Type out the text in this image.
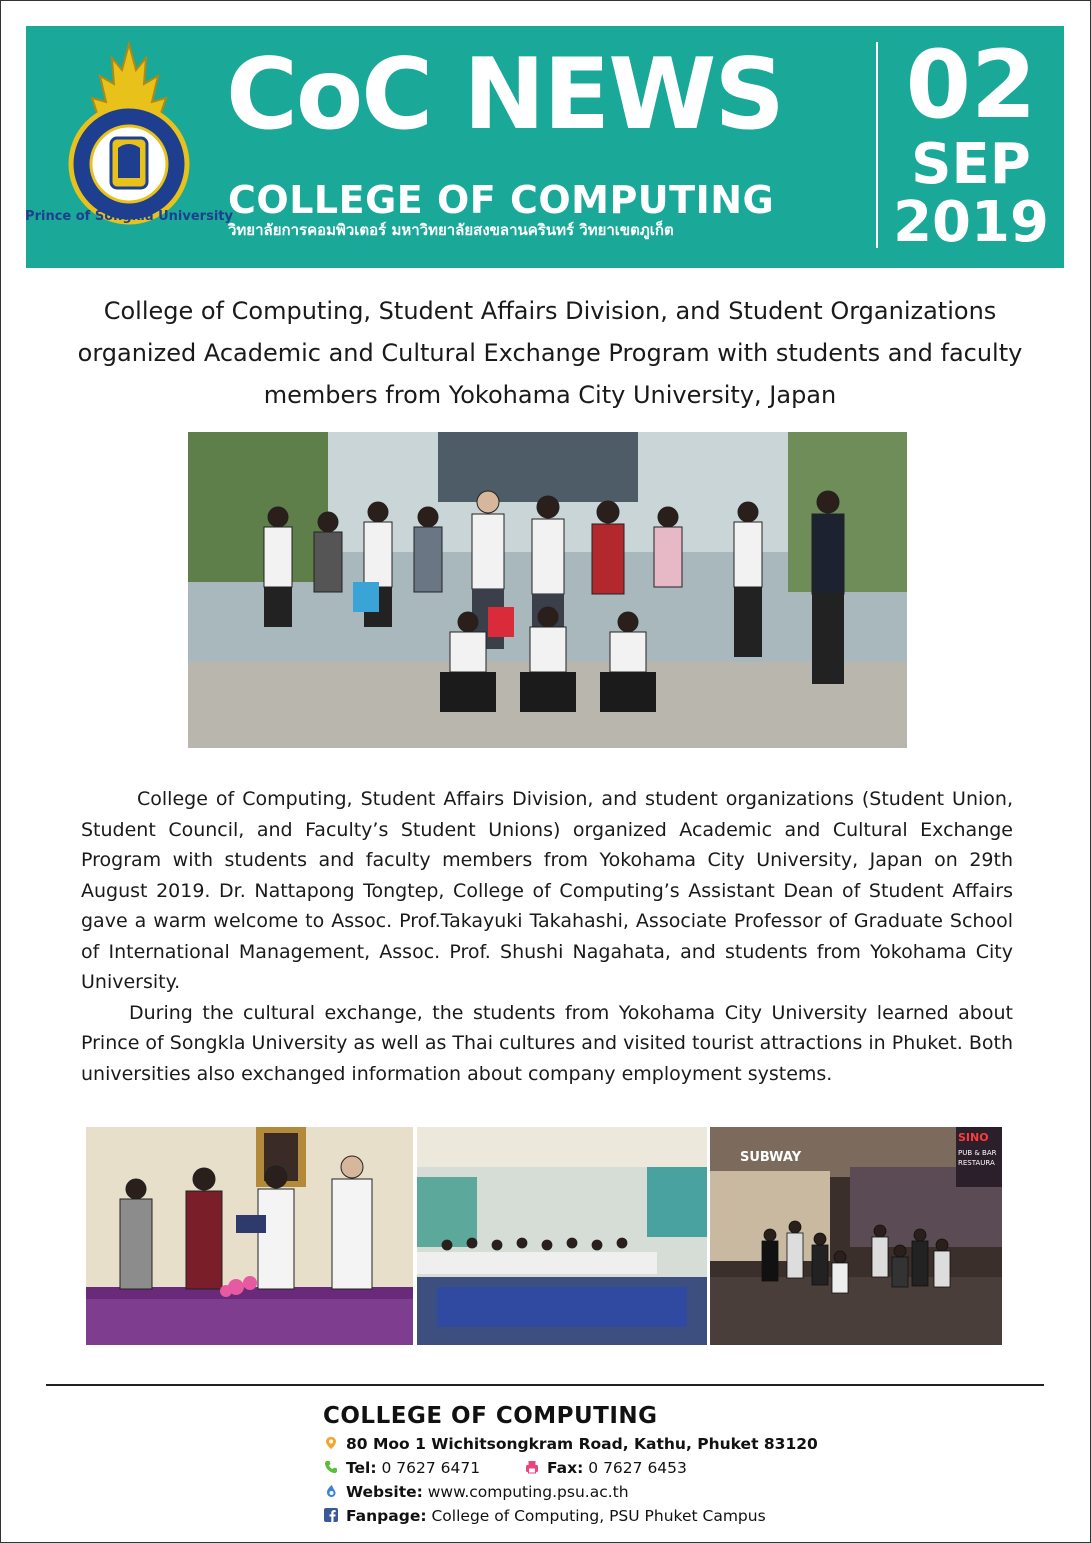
Prince of Songkla University
CoC NEWS
COLLEGE OF COMPUTING
วิทยาลัยการคอมพิวเตอร์ มหาวิทยาลัยสงขลานครินทร์ วิทยาเขตภูเก็ต
02
SEP
2019
College of Computing, Student Affairs Division, and Student Organizations organized Academic and Cultural Exchange Program with students and faculty members from Yokohama City University, Japan

College of Computing, Student Affairs Division, and student organizations (Student Union, Student Council, and Faculty’s Student Unions) organized Academic and Cultural Exchange Program with students and faculty members from Yokohama City University, Japan on 29th August 2019. Dr. Nattapong Tongtep, College of Computing’s Assistant Dean of Student Affairs gave a warm welcome to Assoc. Prof.Takayuki Takahashi, Associate Professor of Graduate School of International Management, Assoc. Prof. Shushi Nagahata, and students from Yokohama City University.

During the cultural exchange, the students from Yokohama City University learned about Prince of Songkla University as well as Thai cultures and visited tourist attractions in Phuket. Both universities also exchanged information about company employment systems.

SUBWAY
SINO
PUB & BAR
RESTAURA
COLLEGE OF COMPUTING
80 Moo 1 Wichitsongkram Road, Kathu, Phuket 83120
Tel: 0 7627 6471	Fax: 0 7627 6453
Website: www.computing.psu.ac.th
Fanpage: College of Computing, PSU Phuket Campus
